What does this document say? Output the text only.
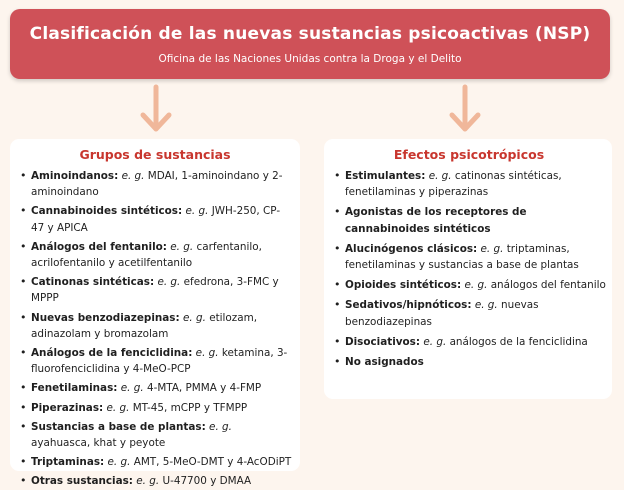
Clasificación de las nuevas sustancias psicoactivas (NSP)
Oficina de las Naciones Unidas contra la Droga y el Delito
Grupos de sustancias
• Aminoindanos: e. g. MDAI, 1-aminoindano y 2-aminoindano
• Cannabinoides sintéticos: e. g. JWH-250, CP-47 y APICA
• Análogos del fentanilo: e. g. carfentanilo, acrilofentanilo y acetilfentanilo
• Catinonas sintéticas: e. g. efedrona, 3-FMC y MPPP
• Nuevas benzodiazepinas: e. g. etilozam, adinazolam y bromazolam
• Análogos de la fenciclidina: e. g. ketamina, 3-fluorofenciclidina y 4-MeO-PCP
• Fenetilaminas: e. g. 4-MTA, PMMA y 4-FMP
• Piperazinas: e. g. MT-45, mCPP y TFMPP
• Sustancias a base de plantas: e. g. ayahuasca, khat y peyote
• Triptaminas: e. g. AMT, 5-MeO-DMT y 4-AcODiPT
• Otras sustancias: e. g. U-47700 y DMAA
Efectos psicotrópicos
• Estimulantes: e. g. catinonas sintéticas, fenetilaminas y piperazinas
• Agonistas de los receptores de cannabinoides sintéticos
• Alucinógenos clásicos: e. g. triptaminas, fenetilaminas y sustancias a base de plantas
• Opioides sintéticos: e. g. análogos del fentanilo
• Sedativos/hipnóticos: e. g. nuevas benzodiazepinas
• Disociativos: e. g. análogos de la fenciclidina
• No asignados
